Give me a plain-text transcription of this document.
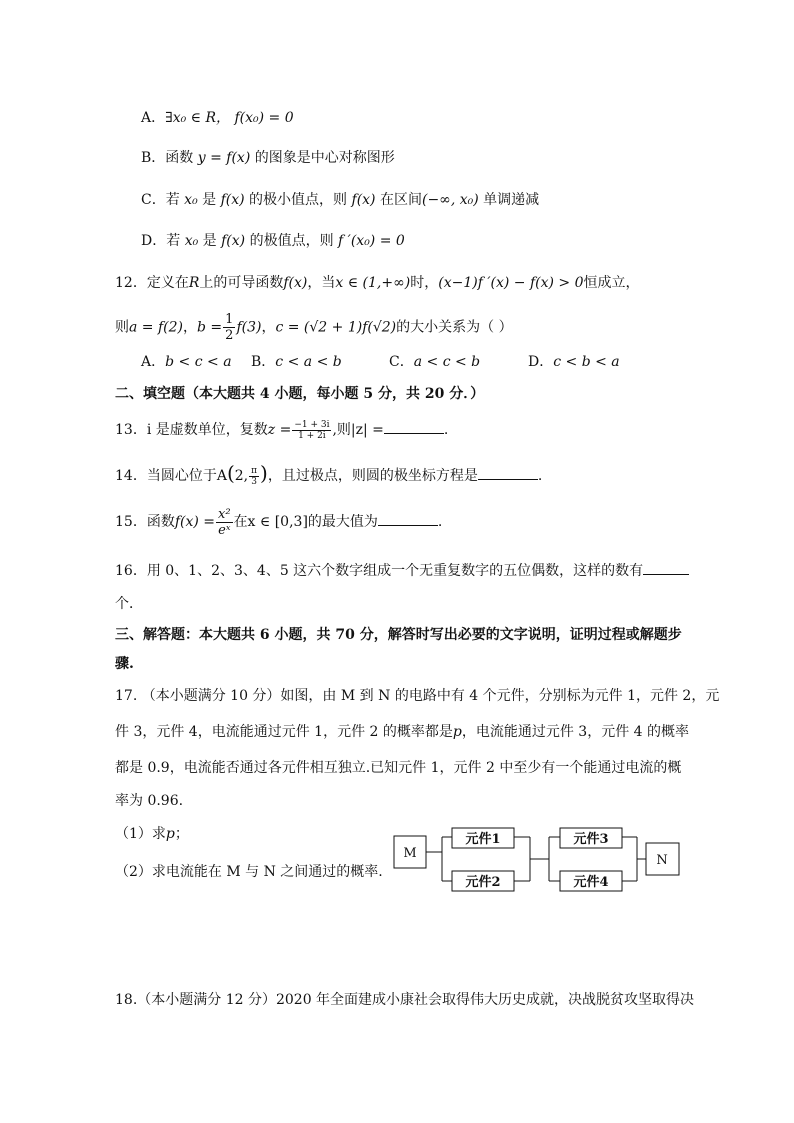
A．∃x₀ ∈ R， f(x₀) = 0
B．函数 y = f(x) 的图象是中心对称图形
C．若 x₀ 是 f(x) 的极小值点，则 f(x) 在区间(−∞, x₀) 单调递减
D．若 x₀ 是 f(x) 的极值点，则 f ′(x₀) = 0
12．定义在R上的可导函数f(x)，当x ∈ (1,+∞)时，(x−1)f ′(x) − f(x) > 0恒成立，
则a = f(2)，$b = \frac{1}{2} f(3)$，c = (√2 + 1)f(√2)的大小关系为（ ）
A．b < c < a B．c < a < b	C．a < c < b	D．c < b < a
二、填空题（本大题共 4 小题，每小题 5 分，共 20 分．）
13．i 是虚数单位，复数$z = \frac{-1 + 3i}{1 + 2i}$ ,则|z| =	.
14．当圆心位于A(2, $\frac{\pi}{3}$ )，且过极点，则圆的极坐标方程是	.
15．函数$f(x) = \frac{\text{x²}}{\text{eˣ}}$ 在x ∈ [0,3]的最大值为	.
16．用 0、1、2、3、4、5 这六个数字组成一个无重复数字的五位偶数，这样的数有
个．
三、解答题：本大题共 6 小题，共 70 分，解答时写出必要的文字说明，证明过程或解题步
骤.
17. （本小题满分 10 分）如图，由 M 到 N 的电路中有 4 个元件，分别标为元件 1，元件 2，元
件 3，元件 4，电流能通过元件 1，元件 2 的概率都是p，电流能通过元件 3，元件 4 的概率
都是 0.9，电流能否通过各元件相互独立.已知元件 1，元件 2 中至少有一个能通过电流的概
率为 0.96.
（1）求p；
（2）求电流能在 M 与 N 之间通过的概率.
M	N
元件1
元件2
元件3
元件4
18.（本小题满分 12 分）2020 年全面建成小康社会取得伟大历史成就，决战脱贫攻坚取得决
